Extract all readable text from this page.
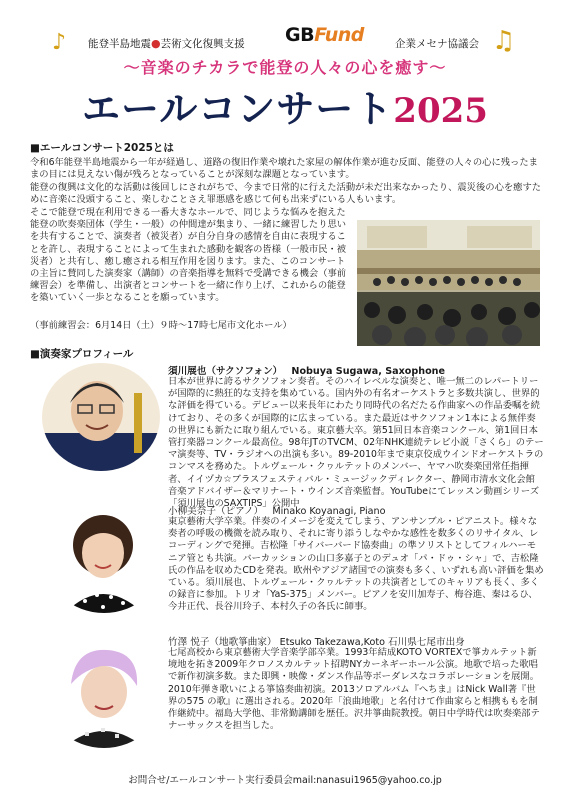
♪ 能登半島地震●芸術文化復興支援 GBFund	企業メセナ協議会 ♫
〜音楽のチカラで能登の人々の心を癒す〜
エールコンサート2025
■エールコンサート2025とは
令和6年能登半島地震から一年が経過し、道路の復旧作業や壊れた家屋の解体作業が進む反面、能登の人々の心に残ったままの目には見えない傷が残ろとなっていることが深刻な課題となっています。
能登の復興は文化的な活動は後回しにされがちで、今まで日常的に行えた活動が未だ出来なかったり、震災後の心を癒すために音楽に没頭すること、楽しむことさえ罪悪感を感じて何も出来ずにいる人もいます。
そこで能登で現在利用できる一番大きなホールで、同じような悩みを抱えた能登の吹奏楽団体（学生・一般）の仲間達が集まり、一緒に練習したり思いを共有することで、演奏者（被災者）が自分自身の感情を自由に表現することを許し、表現することによって生まれた感動を観客の皆様（一般市民・被災者）と共有し、癒し癒される相互作用を図ります。また、このコンサートの主旨に賛同した演奏家（講師）の音楽指導を無料で受講できる機会（事前練習会）を準備し、出演者とコンサートを一緒に作り上げ、これからの能登を築いていく一歩となることを願っています。
（事前練習会：6月14日（土）９時〜17時七尾市文化ホール）
■演奏家プロフィール
須川展也（サクソフォン） Nobuya Sugawa, Saxophone
日本が世界に誇るサクソフォン奏者。そのハイレベルな演奏と、唯一無二のレパートリーが国際的に熱狂的な支持を集めている。国内外の有名オーケストラと多数共演し、世界的な評価を得ている。デビュー以来長年にわたり同時代の名だたる作曲家への作品委嘱を続けており、その多くが国際的に広まっている。また最近はサクソフォン1本による無伴奏の世界にも新たに取り組んでいる。東京藝大卒。第51回日本音楽コンクール、第1回日本管打楽器コンクール最高位。98年JTのTVCM、02年NHK連続テレビ小説「さくら」のテーマ演奏等、TV・ラジオへの出演も多い。89-2010年まで東京佼成ウインドオーケストラのコンマスを務めた。トルヴェール・クヮルテットのメンバー、ヤマハ吹奏楽団常任指揮者、イイヅカ☆ブラスフェスティバル・ミュージックディレクター、静岡市清水文化会館音楽アドバイザー＆マリナート・ウインズ音楽監督。YouTubeにてレッスン動画シリーズ「須川展也のSAXTIPS」公開中
小柳美奈子（ピアノ） Minako Koyanagi, Piano
東京藝術大学卒業。伴奏のイメージを変えてしまう、アンサンブル・ピアニスト。様々な奏者の呼吸の機微を読み取り、それに寄り添うしなやかな感性を数多くのリサイタル、レコーディングで発揮。吉松隆「サイバーバード協奏曲」の準ソリストとしてフィルハーモニア管とも共演。バーカッションの山口多嘉子とのデュオ「パ・ドゥ・シャ」で、吉松隆氏の作品を収めたCDを発表。欧州やアジア諸国での演奏も多く、いずれも高い評価を集めている。須川展也、トルヴェール・クヮルテットの共演者としてのキャリアも長く、多くの録音に参加。トリオ「YaS-375」メンバー。ピアノを安川加寿子、梅谷進、秦はるひ、今井正代、長谷川玲子、本村久子の各氏に師事。
竹澤 悦子（地歌箏曲家） Etsuko Takezawa,Koto 石川県七尾市出身
七尾高校から東京藝術大学音楽学部卒業。1993年結成KOTO VORTEXで箏カルテット新境地を拓き2009年クロノスカルテット招聘NYカーネギーホール公演。地歌で培った歌唱で新作初演多数。また即興・映像・ダンス作品等ボーダレスなコラボレーションを展開。2010年弾き歌いによる箏協奏曲初演。2013ソロアルバム『へちま』はNick Wall著『世界の575 の歌』に選出される。2020年「浪曲地歌」と名付けて作曲家らと相携ももを制作継続中。福島大学他、非常勤講師を歴任。沢井箏曲院教授。朝日中学時代は吹奏楽部テナーサックスを担当した。
お問合せ/エールコンサート実行委員会mail:nanasui1965@yahoo.co.jp
